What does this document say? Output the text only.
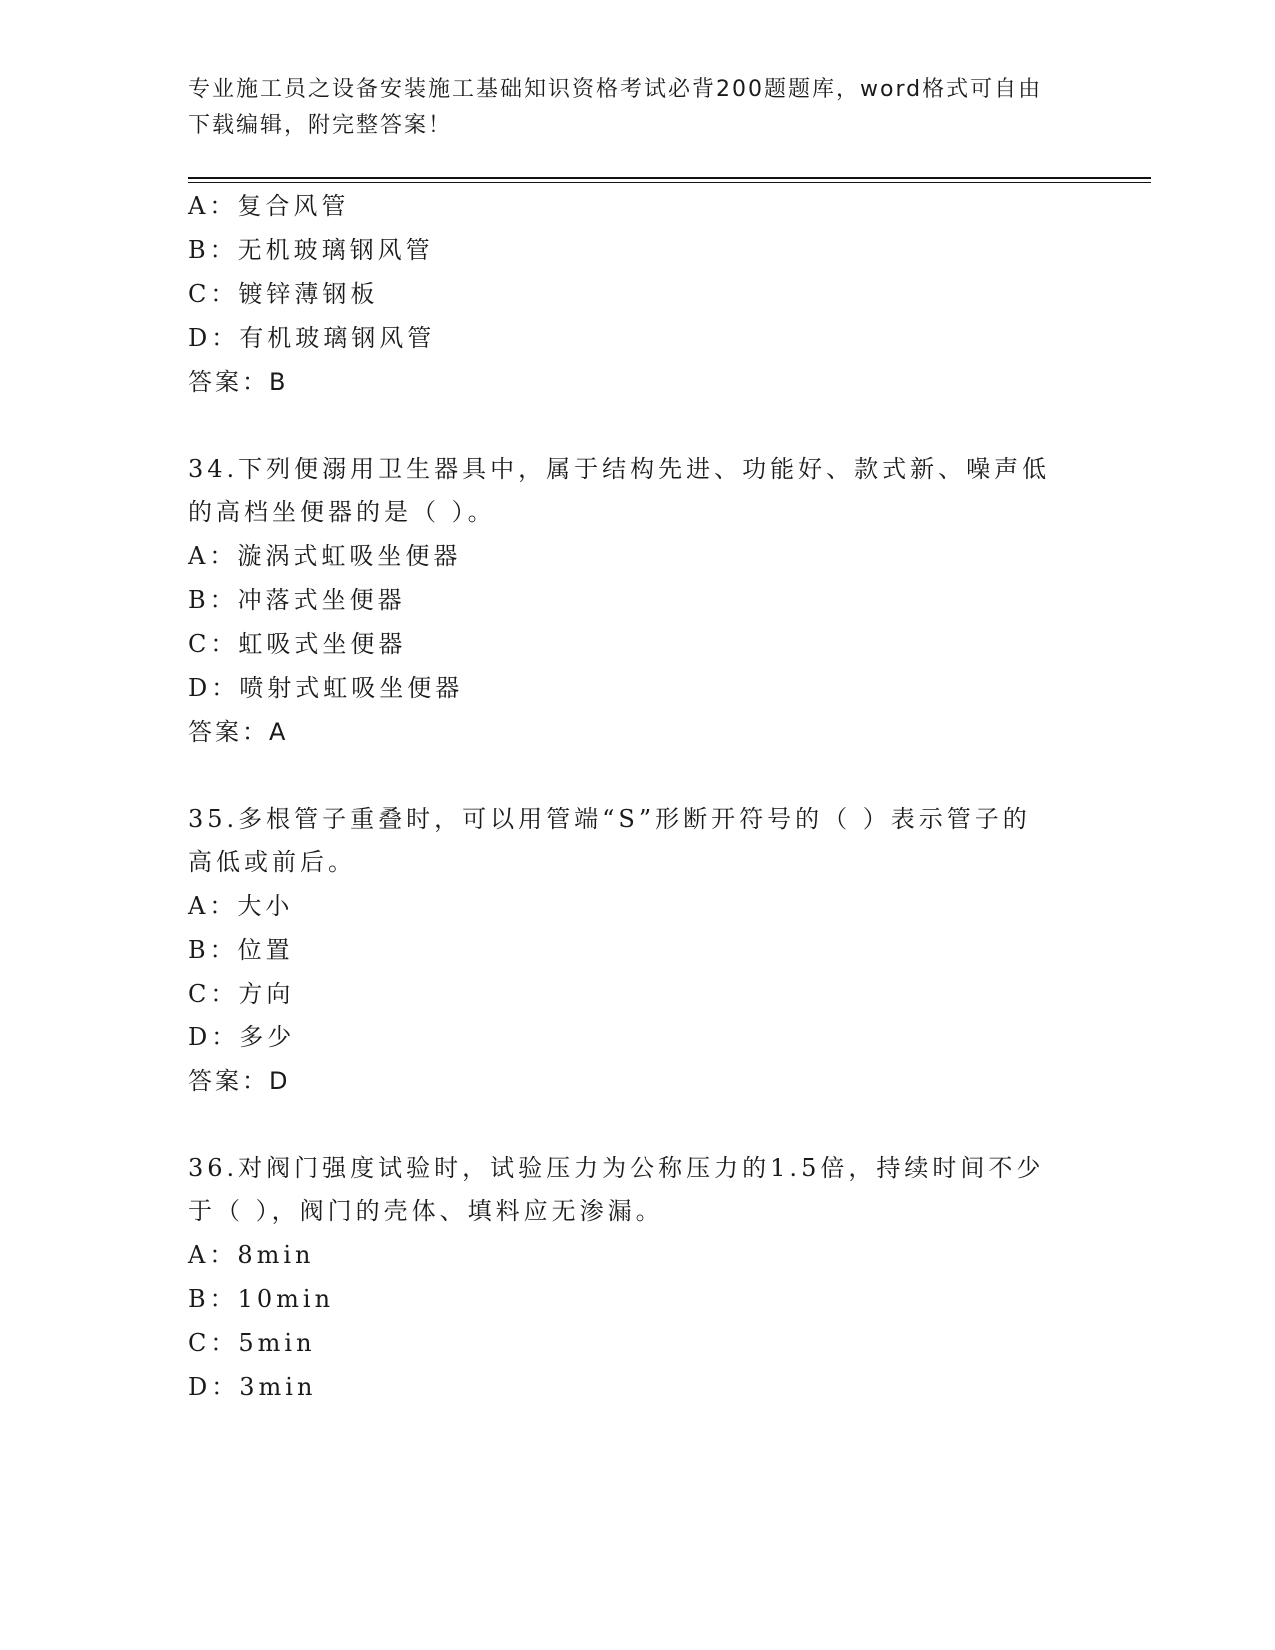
专业施工员之设备安装施工基础知识资格考试必背200题题库，word格式可自由
下载编辑，附完整答案！
A：复合风管
B：无机玻璃钢风管
C：镀锌薄钢板
D：有机玻璃钢风管
答案：B
34.下列便溺用卫生器具中，属于结构先进、功能好、款式新、噪声低
的高档坐便器的是（ ）。
A：漩涡式虹吸坐便器
B：冲落式坐便器
C：虹吸式坐便器
D：喷射式虹吸坐便器
答案：A
35.多根管子重叠时，可以用管端“S”形断开符号的（ ）表示管子的
高低或前后。
A：大小
B：位置
C：方向
D：多少
答案：D
36.对阀门强度试验时，试验压力为公称压力的1.5倍，持续时间不少
于（ ），阀门的壳体、填料应无渗漏。
A：8min
B：10min
C：5min
D：3min
